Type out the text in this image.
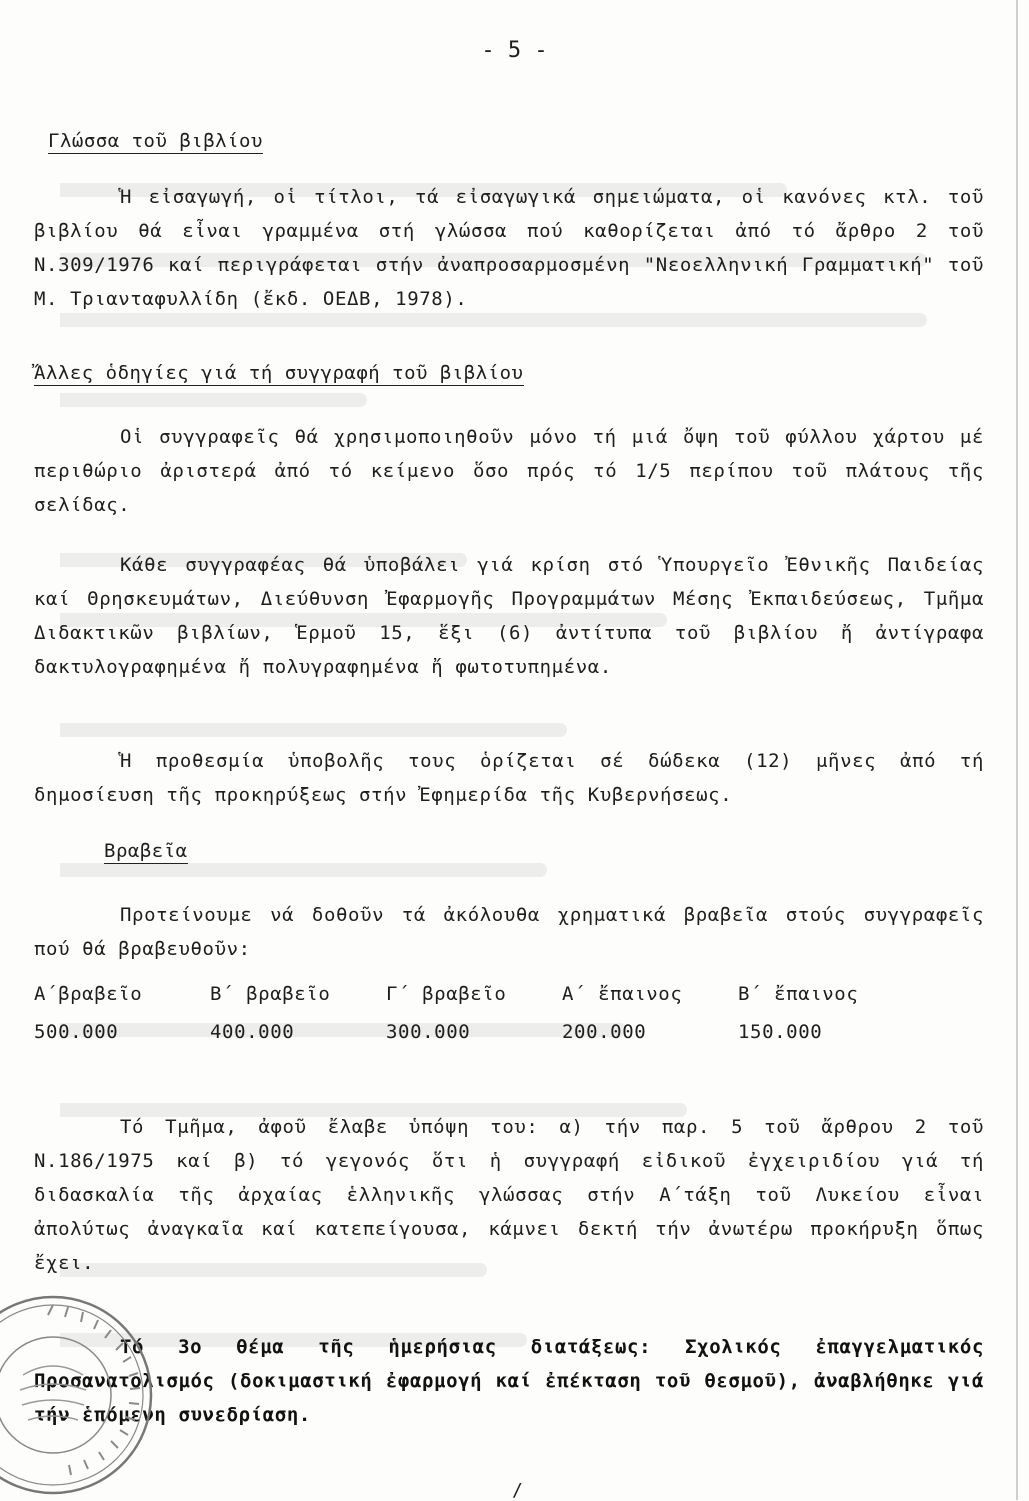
- 5 -
Γλώσσα τοῦ βιβλίου
Ἡ εἰσαγωγή, οἱ τίτλοι, τά εἰσαγωγικά σημειώματα, οἱ κανόνες κτλ. τοῦ βιβλίου θά εἶναι γραμμένα στή γλώσσα πού καθορίζεται ἀπό τό ἄρθρο 2 τοῦ Ν.309/1976 καί περιγράφεται στήν ἀναπροσαρμοσμένη "Νεοελληνική Γραμματική" τοῦ Μ. Τριανταφυλλίδη (ἔκδ. ΟΕΔΒ, 1978).
Ἄλλες ὁδηγίες γιά τή συγγραφή τοῦ βιβλίου
Οἱ συγγραφεῖς θά χρησιμοποιηθοῦν μόνο τή μιά ὄψη τοῦ φύλλου χάρτου μέ περιθώριο ἀριστερά ἀπό τό κείμενο ὅσο πρός τό 1/5 περίπου τοῦ πλάτους τῆς σελίδας.
Κάθε συγγραφέας θά ὑποβάλει γιά κρίση στό Ὑπουργεῖο Ἐθνικῆς Παιδείας καί Θρησκευμάτων, Διεύθυνση Ἐφαρμογῆς Προγραμμάτων Μέσης Ἐκπαιδεύσεως, Τμῆμα Διδακτικῶν βιβλίων, Ἑρμοῦ 15, ἕξι (6) ἀντίτυπα τοῦ βιβλίου ἤ ἀντίγραφα δακτυλογραφημένα ἤ πολυγραφημένα ἤ φωτοτυπημένα.
Ἡ προθεσμία ὑποβολῆς τους ὁρίζεται σέ δώδεκα (12) μῆνες ἀπό τή δημοσίευση τῆς προκηρύξεως στήν Ἐφημερίδα τῆς Κυβερνήσεως.
Βραβεῖα
Προτείνουμε νά δοθοῦν τά ἀκόλουθα χρηματικά βραβεῖα στούς συγγραφεῖς πού θά βραβευθοῦν:
Α΄βραβεῖο	Β΄ βραβεῖο	Γ΄ βραβεῖο	Α΄ ἔπαινος	Β΄ ἔπαινος
500.000	400.000	300.000	200.000	150.000
Τό Τμῆμα, ἀφοῦ ἔλαβε ὑπόψη του: α) τήν παρ. 5 τοῦ ἄρθρου 2 τοῦ Ν.186/1975 καί β) τό γεγονός ὅτι ἡ συγγραφή εἰδικοῦ ἐγχειριδίου γιά τή διδασκαλία τῆς ἀρχαίας ἑλληνικῆς γλώσσας στήν Α΄τάξη τοῦ Λυκείου εἶναι ἀπολύτως ἀναγκαῖα καί κατεπείγουσα, κάμνει δεκτή τήν ἀνωτέρω προκήρυξη ὅπως ἔχει.
Τό 3ο θέμα τῆς ἡμερήσιας διατάξεως: Σχολικός ἐπαγγελματικός Προσανατολισμός (δοκιμαστική ἐφαρμογή καί ἐπέκταση τοῦ θεσμοῦ), ἀναβλήθηκε γιά τήν ἑπόμενη συνεδρίαση.
/
